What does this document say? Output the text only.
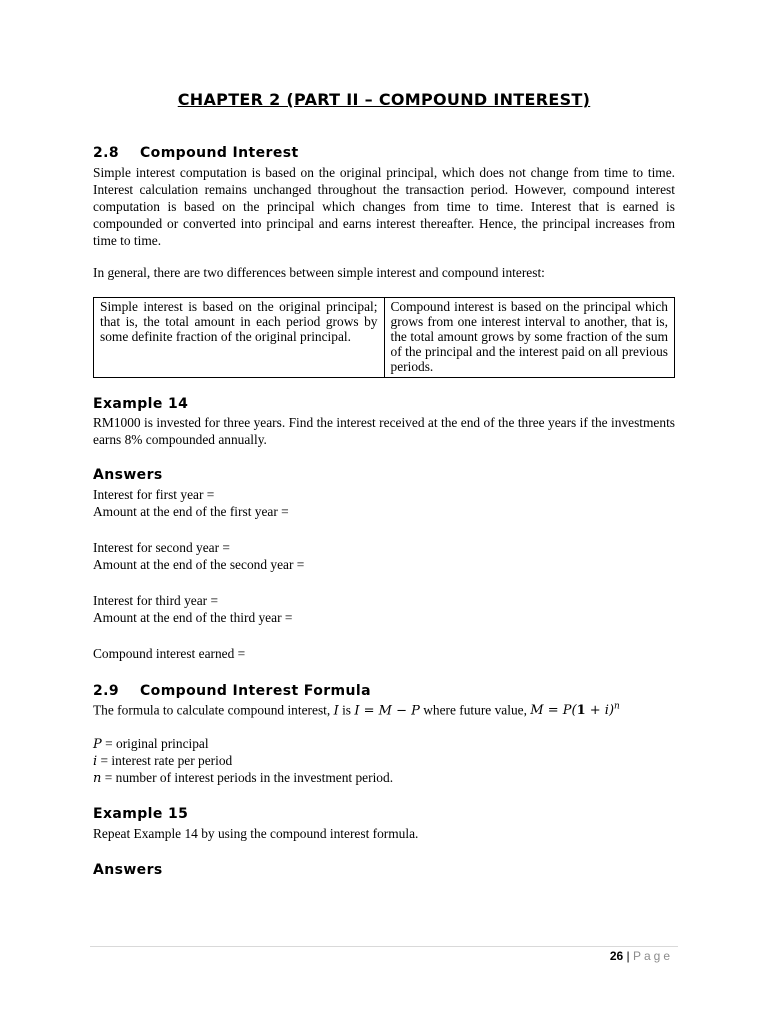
CHAPTER 2 (PART II – COMPOUND INTEREST)
2.8 Compound Interest
Simple interest computation is based on the original principal, which does not change from time to time. Interest calculation remains unchanged throughout the transaction period. However, compound interest computation is based on the principal which changes from time to time. Interest that is earned is compounded or converted into principal and earns interest thereafter. Hence, the principal increases from time to time.
In general, there are two differences between simple interest and compound interest:
Simple interest is based on the original principal; that is, the total amount in each period grows by some definite fraction of the original principal.	Compound interest is based on the principal which grows from one interest interval to another, that is, the total amount grows by some fraction of the sum of the principal and the interest paid on all previous periods.
Example 14
RM1000 is invested for three years. Find the interest received at the end of the three years if the investments earns 8% compounded annually.
Answers
Interest for first year =
Amount at the end of the first year =
Interest for second year =
Amount at the end of the second year =
Interest for third year =
Amount at the end of the third year =
Compound interest earned =
2.9 Compound Interest Formula
The formula to calculate compound interest, I is I = M − P where future value, $M = P(1 + i)^n$
P = original principal
i = interest rate per period
n = number of interest periods in the investment period.
Example 15
Repeat Example 14 by using the compound interest formula.
Answers
26 | Page
